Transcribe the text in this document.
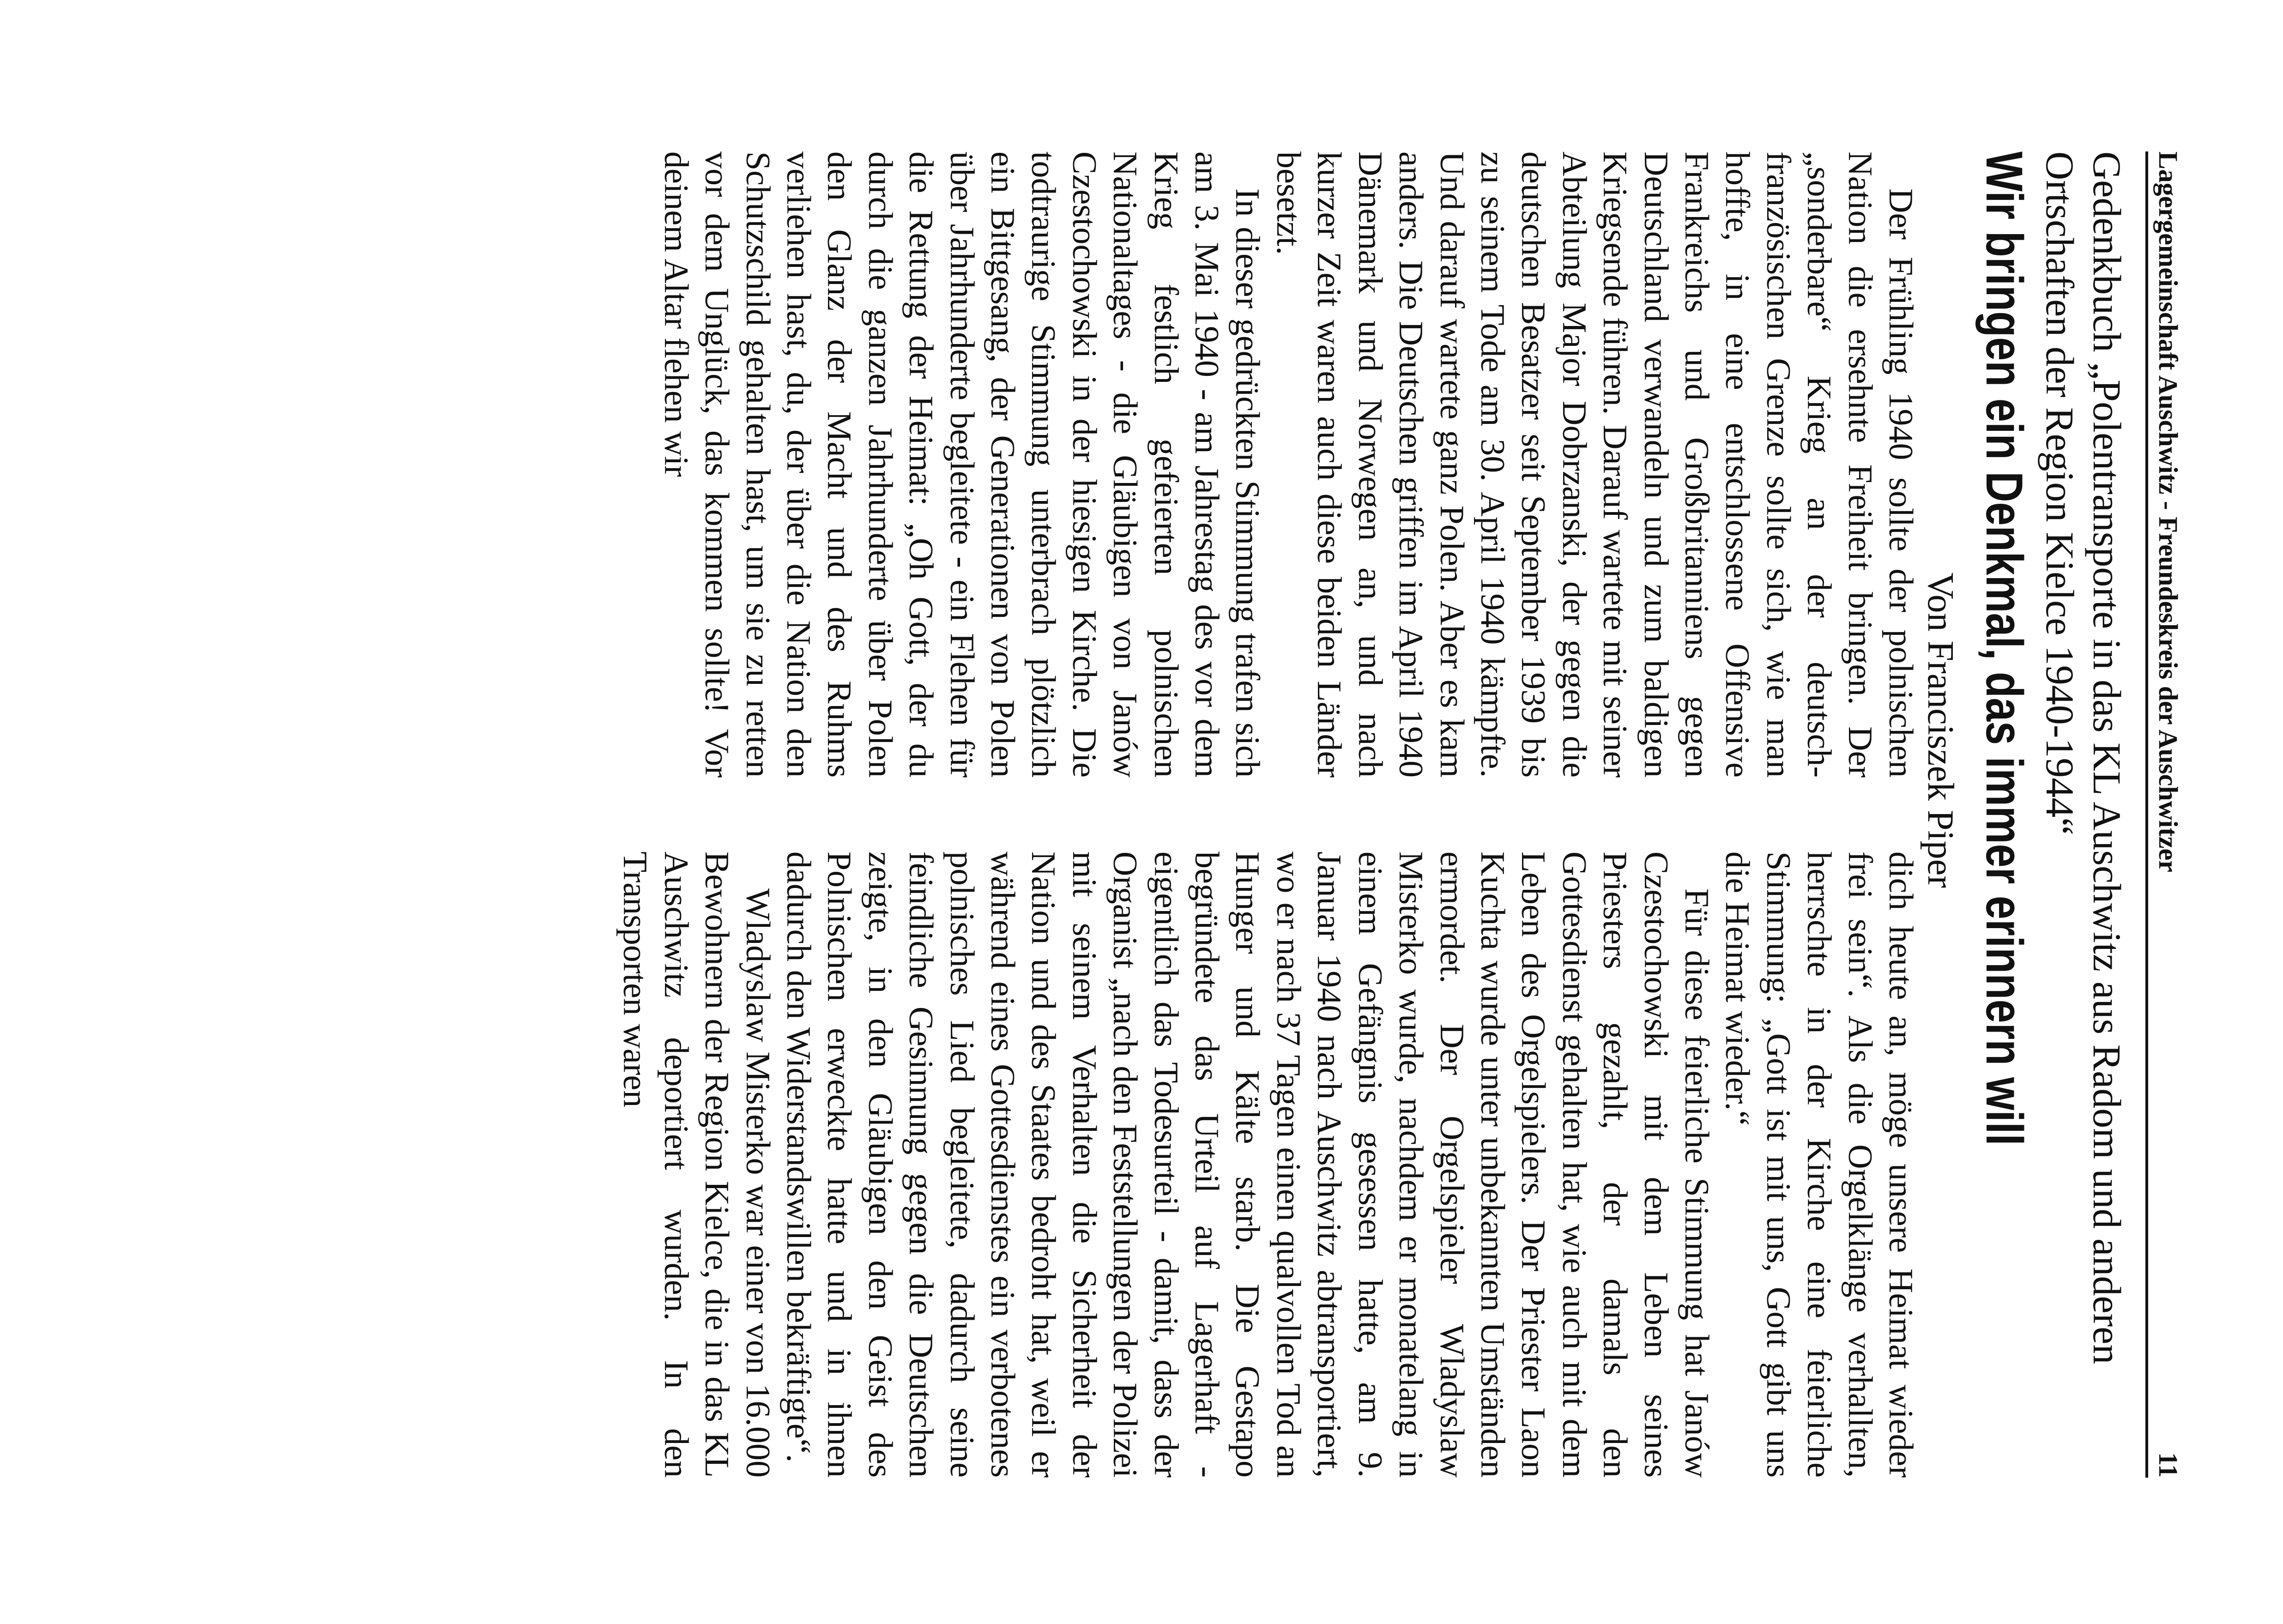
Lagergemeinschaft Auschwitz - Freundeskreis der Auschwitzer
11
Gedenkbuch „Polentransporte in das KL Auschwitz aus Radom und anderen Ortschaften der Region Kielce 1940-1944“
Wir bringen ein Denkmal, das immer erinnern will
Von Franciszek Piper

Der Frühling 1940 sollte der polnischen Nation die ersehnte Freiheit bringen. Der „sonderbare“ Krieg an der deutsch-französischen Grenze sollte sich, wie man hoffte, in eine entschlossene Offensive Frankreichs und Großbritanniens gegen Deutschland verwandeln und zum baldigen Kriegsende führen. Darauf wartete mit seiner Abteilung Major Dobrzanski, der gegen die deutschen Besatzer seit September 1939 bis zu seinem Tode am 30. April 1940 kämpfte. Und darauf wartete ganz Polen. Aber es kam anders. Die Deutschen griffen im April 1940 Dänemark und Norwegen an, und nach kurzer Zeit waren auch diese beiden Länder besetzt.

In dieser gedrückten Stimmung trafen sich am 3. Mai 1940 - am Jahrestag des vor dem Krieg festlich gefeierten polnischen Nationaltages - die Gläubigen von Janów Czestochowski in der hiesigen Kirche. Die todtraurige Stimmung unterbrach plötzlich ein Bittgesang, der Generationen von Polen über Jahrhunderte begleitete - ein Flehen für die Rettung der Heimat: „Oh Gott, der du durch die ganzen Jahrhunderte über Polen den Glanz der Macht und des Ruhms verliehen hast, du, der über die Nation den Schutzschild gehalten hast, um sie zu retten vor dem Unglück, das kommen sollte! Vor deinem Altar flehen wir

dich heute an, möge unsere Heimat wieder frei sein“. Als die Orgelklänge verhallten, herrschte in der Kirche eine feierliche Stimmung: „Gott ist mit uns, Gott gibt uns die Heimat wieder.“

Für diese feierliche Stimmung hat Janów Czestochowski mit dem Leben seines Priesters gezahlt, der damals den Gottesdienst gehalten hat, wie auch mit dem Leben des Orgelspielers. Der Priester Laon Kuchta wurde unter unbekannten Umständen ermordet. Der Orgelspieler Wladyslaw Misterko wurde, nachdem er monatelang in einem Gefängnis gesessen hatte, am 9. Januar 1940 nach Auschwitz abtransportiert, wo er nach 37 Tagen einen qualvollen Tod an Hunger und Kälte starb. Die Gestapo begründete das Urteil auf Lagerhaft - eigentlich das Todesurteil - damit, dass der Organist „nach den Feststellungen der Polizei mit seinem Verhalten die Sicherheit der Nation und des Staates bedroht hat, weil er während eines Gottesdienstes ein verbotenes polnisches Lied begleitete, dadurch seine feindliche Gesinnung gegen die Deutschen zeigte, in den Gläubigen den Geist des Polnischen erweckte hatte und in ihnen dadurch den Widerstandswillen bekräftigte“.

Wladyslaw Misterko war einer von 16.000 Bewohnern der Region Kielce, die in das KL Auschwitz deportiert wurden. In den Transporten waren
